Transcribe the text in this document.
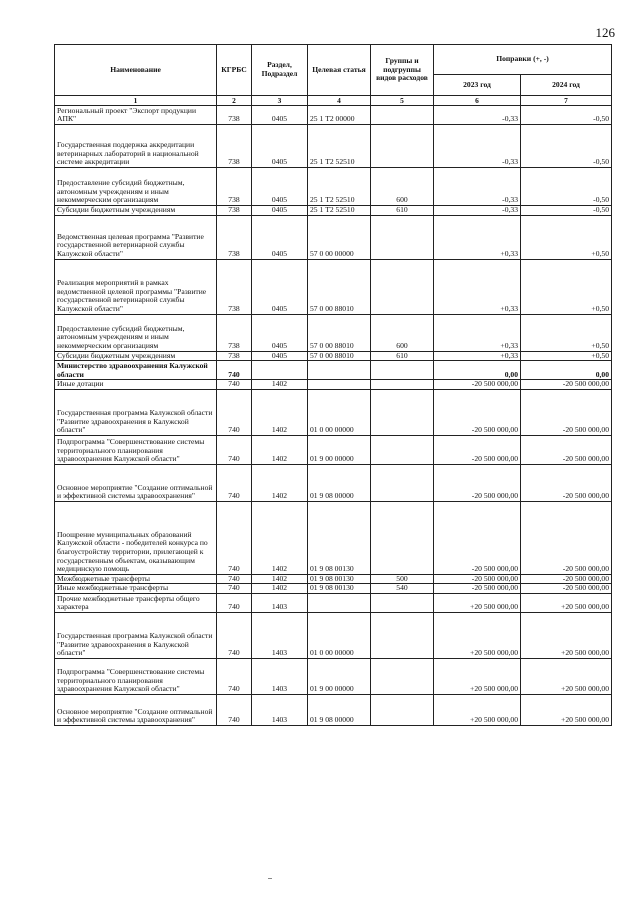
126
Наименование	КГРБС	Раздел, Подраздел	Целевая статья	Группы и подгруппы видов расходов	Поправки (+, -)	
					2023 год	2024 год
1	2	3	4	5	6	7
Региональный проект "Экспорт продукции АПК"	738	0405	25 1 Т2 00000		-0,33	-0,50
Государственная поддержка аккредитации ветеринарных лабораторий в национальной системе аккредитации	738	0405	25 1 Т2 52510		-0,33	-0,50
Предоставление субсидий бюджетным, автономным учреждениям и иным некоммерческим организациям	738	0405	25 1 Т2 52510	600	-0,33	-0,50
Субсидии бюджетным учреждениям	738	0405	25 1 Т2 52510	610	-0,33	-0,50
Ведомственная целевая программа "Развитие государственной ветеринарной службы Калужской области"	738	0405	57 0 00 00000		+0,33	+0,50
Реализация мероприятий в рамках ведомственной целевой программы "Развитие государственной ветеринарной службы Калужской области"	738	0405	57 0 00 88010		+0,33	+0,50
Предоставление субсидий бюджетным, автономным учреждениям и иным некоммерческим организациям	738	0405	57 0 00 88010	600	+0,33	+0,50
Субсидии бюджетным учреждениям	738	0405	57 0 00 88010	610	+0,33	+0,50
Министерство здравоохранения Калужской области	740				0,00	0,00
Иные дотации	740	1402			-20 500 000,00	-20 500 000,00
Государственная программа Калужской области "Развитие здравоохранения в Калужской области"	740	1402	01 0 00 00000		-20 500 000,00	-20 500 000,00
Подпрограмма "Совершенствование системы территориального планирования здравоохранения Калужской области"	740	1402	01 9 00 00000		-20 500 000,00	-20 500 000,00
Основное мероприятие "Создание оптимальной и эффективной системы здравоохранения"	740	1402	01 9 08 00000		-20 500 000,00	-20 500 000,00
Поощрение муниципальных образований Калужской области - победителей конкурса по благоустройству территории, прилегающей к государственным объектам, оказывающим медицинскую помощь	740	1402	01 9 08 00130		-20 500 000,00	-20 500 000,00
Межбюджетные трансферты	740	1402	01 9 08 00130	500	-20 500 000,00	-20 500 000,00
Иные межбюджетные трансферты	740	1402	01 9 08 00130	540	-20 500 000,00	-20 500 000,00
Прочие межбюджетные трансферты общего характера	740	1403			+20 500 000,00	+20 500 000,00
Государственная программа Калужской области "Развитие здравоохранения в Калужской области"	740	1403	01 0 00 00000		+20 500 000,00	+20 500 000,00
Подпрограмма "Совершенствование системы территориального планирования здравоохранения Калужской области"	740	1403	01 9 00 00000		+20 500 000,00	+20 500 000,00
Основное мероприятие "Создание оптимальной и эффективной системы здравоохранения"	740	1403	01 9 08 00000		+20 500 000,00	+20 500 000,00
